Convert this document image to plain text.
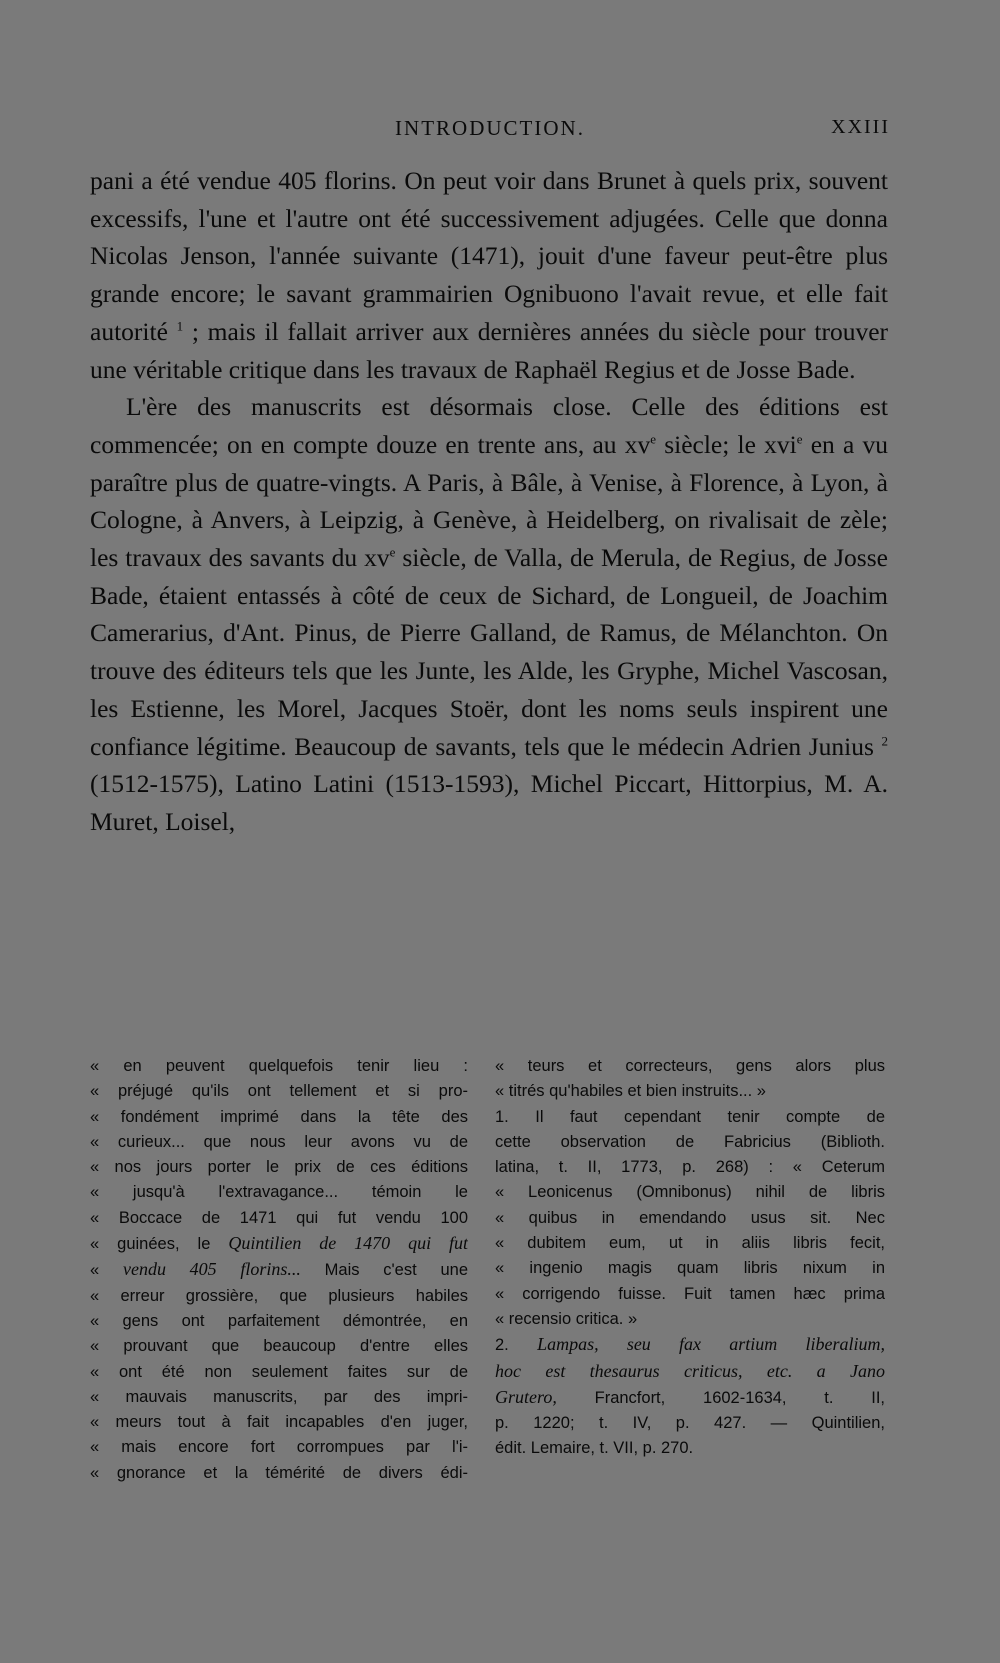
INTRODUCTION.	XXIII

pani a été vendue 405 florins. On peut voir dans Brunet à quels prix, souvent excessifs, l'une et l'autre ont été successivement adjugées. Celle que donna Nicolas Jenson, l'année suivante (1471), jouit d'une faveur peut-être plus grande encore; le savant grammairien Ognibuono l'avait revue, et elle fait autorité $^1$ ; mais il fallait arriver aux dernières années du siècle pour trouver une véritable critique dans les travaux de Raphaël Regius et de Josse Bade.

L'ère des manuscrits est désormais close. Celle des éditions est commencée; on en compte douze en trente ans, au $xv^e$ siècle; le xvi$^e$ en a vu paraître plus de quatre-vingts. A Paris, à Bâle, à Venise, à Florence, à Lyon, à Cologne, à Anvers, à Leipzig, à Genève, à Heidelberg, on rivalisait de zèle; les travaux des savants du $xv^e$ siècle, de Valla, de Merula, de Regius, de Josse Bade, étaient entassés à côté de ceux de Sichard, de Longueil, de Joachim Camerarius, d'Ant. Pinus, de Pierre Galland, de Ramus, de Mélanchton. On trouve des éditeurs tels que les Junte, les Alde, les Gryphe, Michel Vascosan, les Estienne, les Morel, Jacques Stoër, dont les noms seuls inspirent une confiance légitime. Beaucoup de savants, tels que le médecin Adrien Junius $^2$ (1512-1575), Latino Latini (1513-1593), Michel Piccart, Hittorpius, M. A. Muret, Loisel,

« en peuvent quelquefois tenir lieu :
« préjugé qu'ils ont tellement et si pro-
« fondément imprimé dans la tête des
« curieux... que nous leur avons vu de
« nos jours porter le prix de ces éditions
« jusqu'à l'extravagance... témoin le
« Boccace de 1471 qui fut vendu 100
« guinées, le Quintilien de 1470 qui fut
« vendu 405 florins... Mais c'est une
« erreur grossière, que plusieurs habiles
« gens ont parfaitement démontrée, en
« prouvant que beaucoup d'entre elles
« ont été non seulement faites sur de
« mauvais manuscrits, par des impri-
« meurs tout à fait incapables d'en juger,
« mais encore fort corrompues par l'i-
« gnorance et la témérité de divers édi-
« teurs et correcteurs, gens alors plus
« titrés qu'habiles et bien instruits... »
1. Il faut cependant tenir compte de
cette observation de Fabricius (Biblioth.
latina, t. II, 1773, p. 268) : « Ceterum
« Leonicenus (Omnibonus) nihil de libris
« quibus in emendando usus sit. Nec
« dubitem eum, ut in aliis libris fecit,
« ingenio magis quam libris nixum in
« corrigendo fuisse. Fuit tamen hæc prima
« recensio critica. »
2. Lampas, seu fax artium liberalium,
hoc est thesaurus criticus, etc. a Jano
Grutero, Francfort, 1602-1634, t. II,
p. 1220; t. IV, p. 427. — Quintilien,
édit. Lemaire, t. VII, p. 270.
